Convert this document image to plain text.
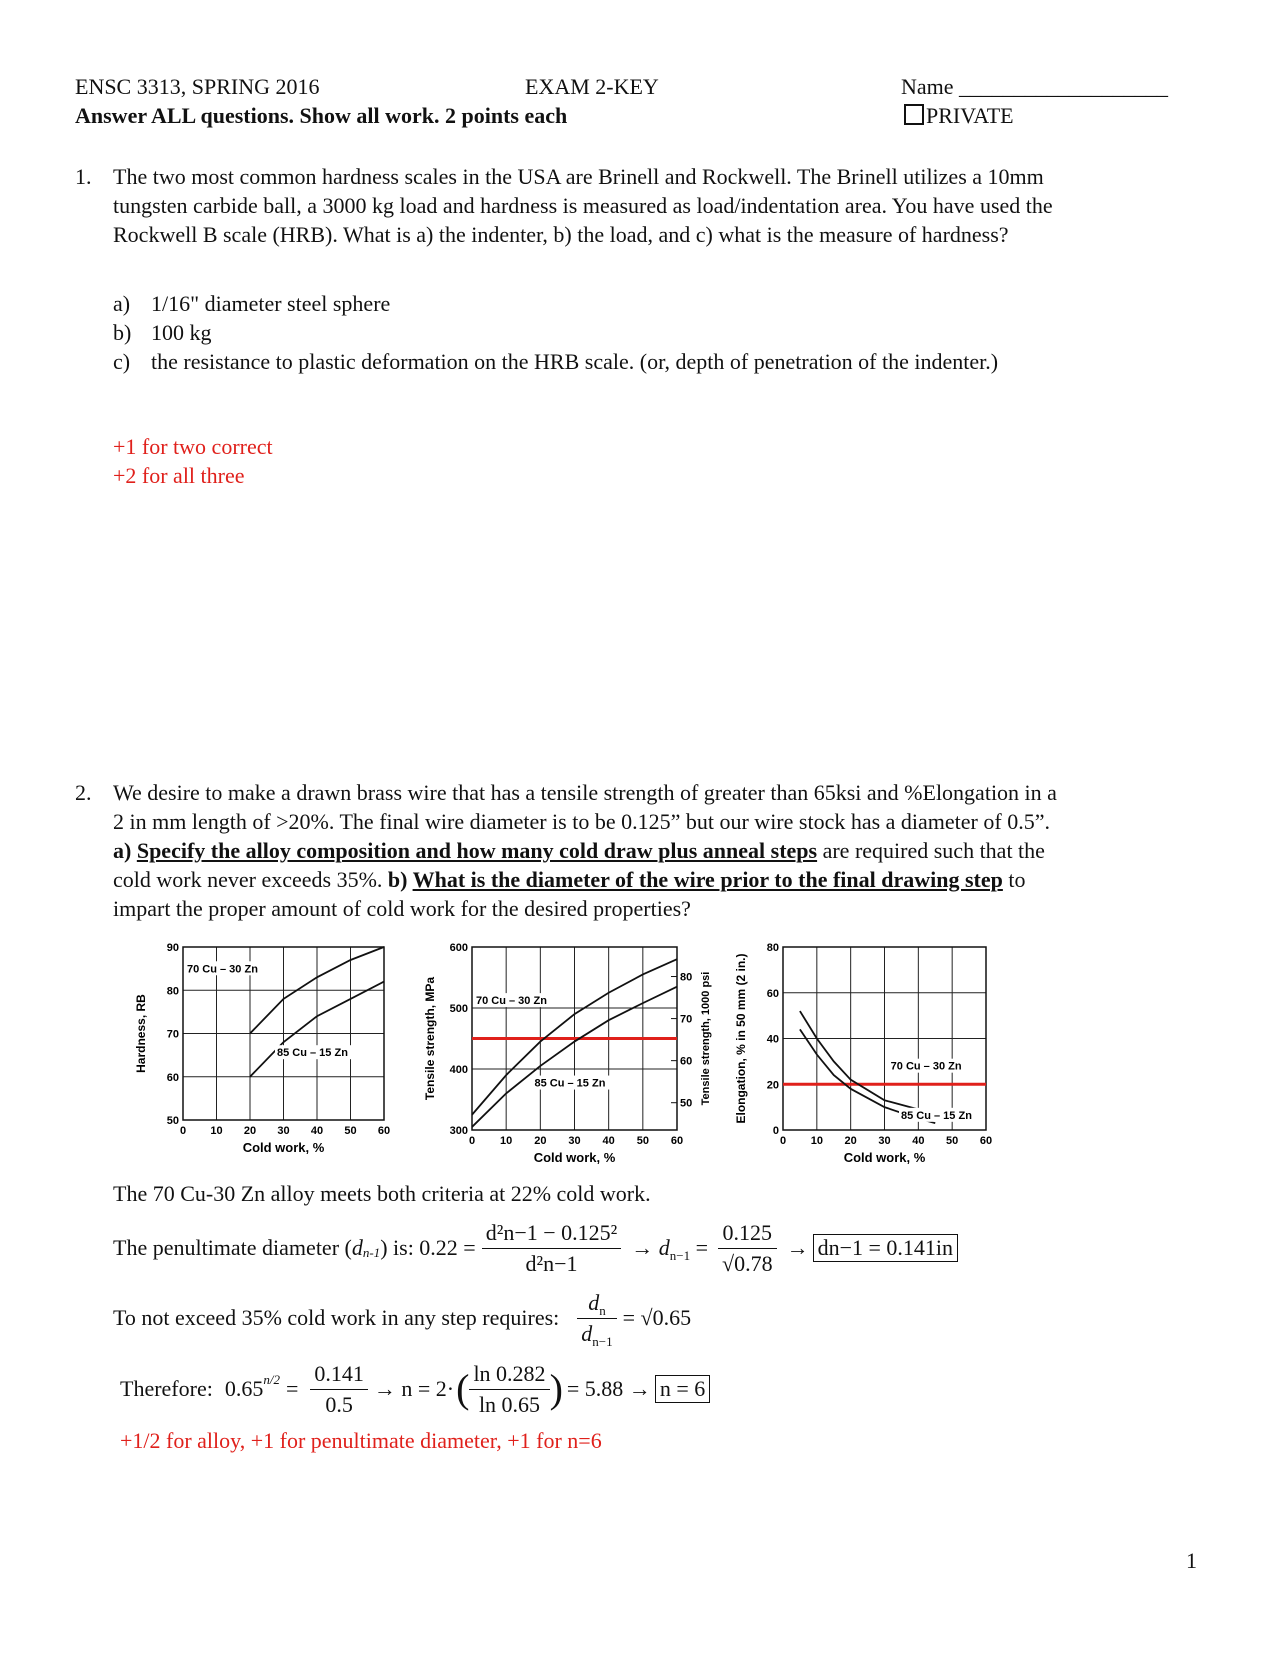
ENSC 3313, SPRING 2016	EXAM 2-KEY	Name ___________________
Answer ALL questions. Show all work. 2 points each	PRIVATE
1. The two most common hardness scales in the USA are Brinell and Rockwell. The Brinell utilizes a 10mm
tungsten carbide ball, a 3000 kg load and hardness is measured as load/indentation area. You have used the
Rockwell B scale (HRB). What is a) the indenter, b) the load, and c) what is the measure of hardness?
a) 1/16" diameter steel sphere
b) 100 kg
c) the resistance to plastic deformation on the HRB scale. (or, depth of penetration of the indenter.)
+1 for two correct
+2 for all three
2. We desire to make a drawn brass wire that has a tensile strength of greater than 65ksi and %Elongation in a
2 in mm length of >20%. The final wire diameter is to be 0.125” but our wire stock has a diameter of 0.5”.
a) Specify the alloy composition and how many cold draw plus anneal steps are required such that the
cold work never exceeds 35%. b) What is the diameter of the wire prior to the final drawing step to
impart the proper amount of cold work for the desired properties?
0 10 20 30 40 50 60
50
60
70
80
90
Cold work, %
Hardness, RB
70 Cu – 30 Zn
85 Cu – 15 Zn
0 10 20 30 40 50 60
300
400
500
600
50
60
70
80 Tensile strength, 1000 psi
Cold work, %
Tensile strength, MPa	70 Cu – 30 Zn
85 Cu – 15 Zn
0 10 20 30 40 50 60
0
20
40
60
80
Cold work, %
Elongation, % in 50 mm (2 in.)	70 Cu – 30 Zn
85 Cu – 15 Zn
The 70 Cu-30 Zn alloy meets both criteria at 22% cold work.
The penultimate diameter ( d n-1 ) is: $0.22 = \frac{\text{d²n−1 − 0.125²}}{\text{d²n−1}} \to d_{n-1} = \frac{0.125}{√0.78} \to dn-1 = 0.141in$
To not exceed 35% cold work in any step requires: $\frac{d_n}{d_{n-1}} = √0.65$
Therefore: 0.65 $n/2 = \frac{0.141}{0.5} \to n = 2\cdot$ ( $\frac{\ln 0.282}{\ln 0.65}$ ) = 5.88 → n = 6
+1/2 for alloy, +1 for penultimate diameter, +1 for n=6
1
